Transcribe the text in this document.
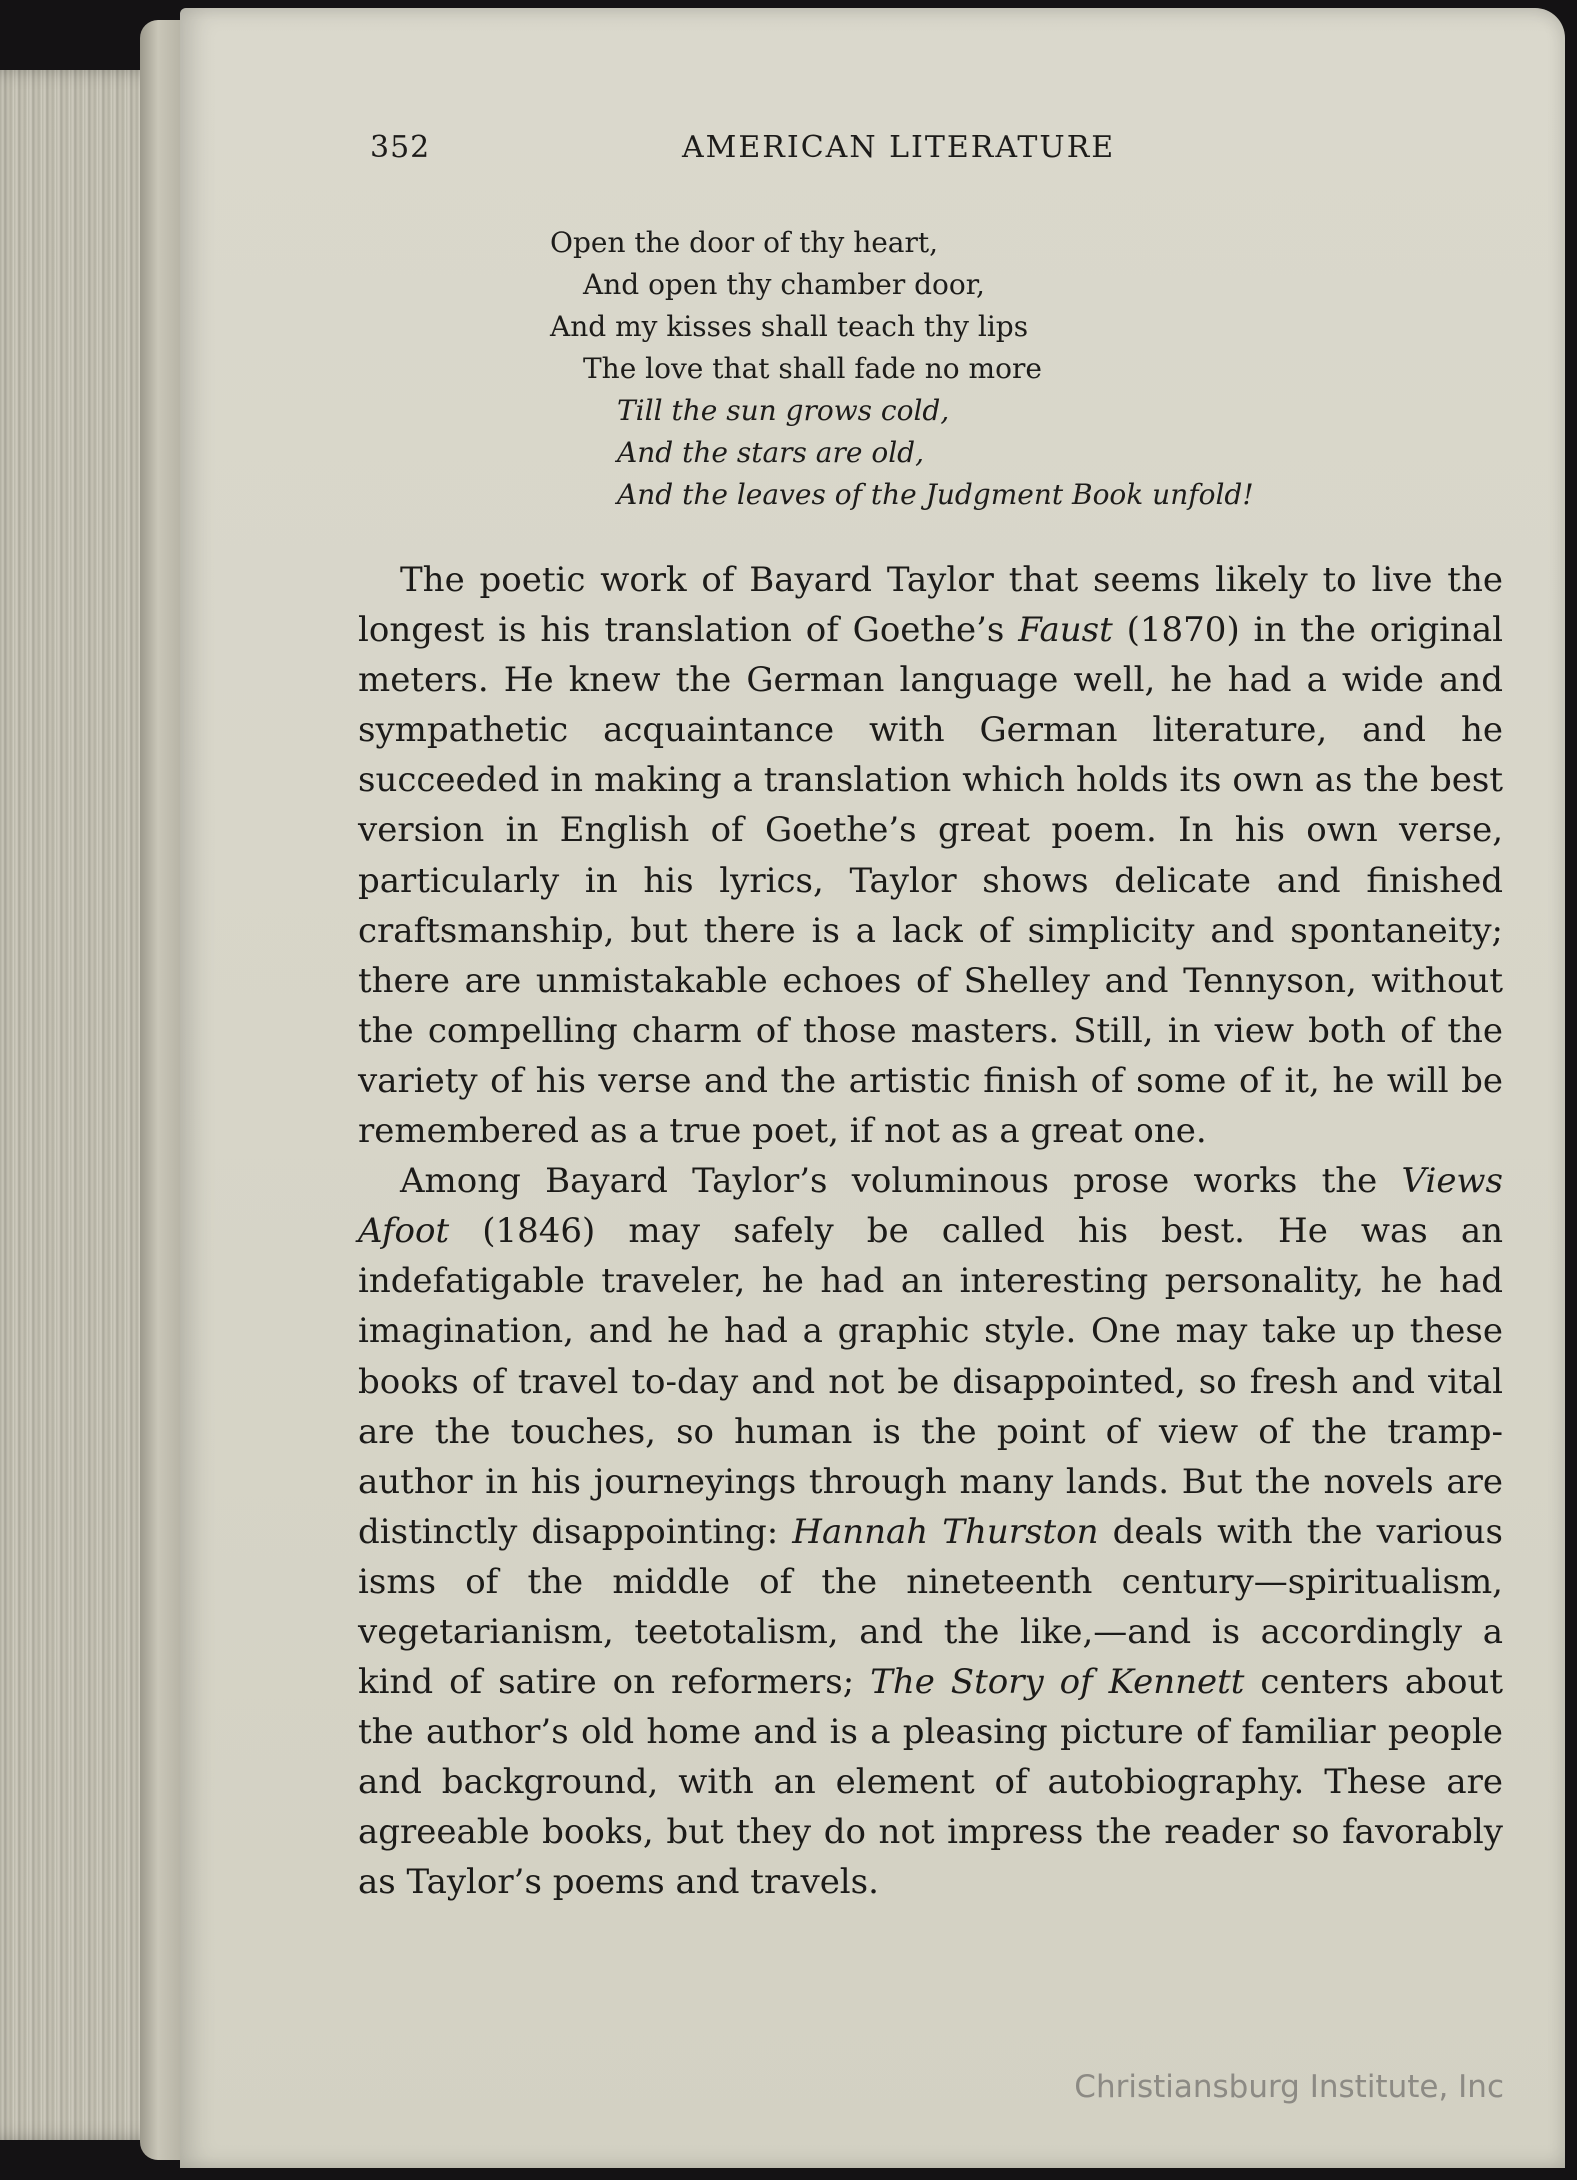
352	AMERICAN LITERATURE
Open the door of thy heart,
And open thy chamber door,
And my kisses shall teach thy lips
The love that shall fade no more
Till the sun grows cold,
And the stars are old,
And the leaves of the Judgment Book unfold!

The poetic work of Bayard Taylor that seems likely to live the longest is his translation of Goethe’s Faust (1870) in the original meters. He knew the German language well, he had a wide and sympathetic acquaintance with German literature, and he succeeded in making a translation which holds its own as the best version in English of Goethe’s great poem. In his own verse, particularly in his lyrics, Taylor shows delicate and finished craftsmanship, but there is a lack of simplicity and spontaneity; there are unmistakable echoes of Shelley and Tennyson, without the compelling charm of those masters. Still, in view both of the variety of his verse and the artistic finish of some of it, he will be remembered as a true poet, if not as a great one.

Among Bayard Taylor’s voluminous prose works the Views Afoot (1846) may safely be called his best. He was an indefatigable traveler, he had an interesting personality, he had imagination, and he had a graphic style. One may take up these books of travel to-day and not be disappointed, so fresh and vital are the touches, so human is the point of view of the tramp-author in his journeyings through many lands. But the novels are distinctly disappointing: Hannah Thurston deals with the various isms of the middle of the nineteenth century—spiritualism, vegetarianism, teetotalism, and the like,—and is accordingly a kind of satire on reformers; The Story of Kennett centers about the author’s old home and is a pleasing picture of familiar people and background, with an element of autobiography. These are agreeable books, but they do not impress the reader so favorably as Taylor’s poems and travels.

Christiansburg Institute, Inc
